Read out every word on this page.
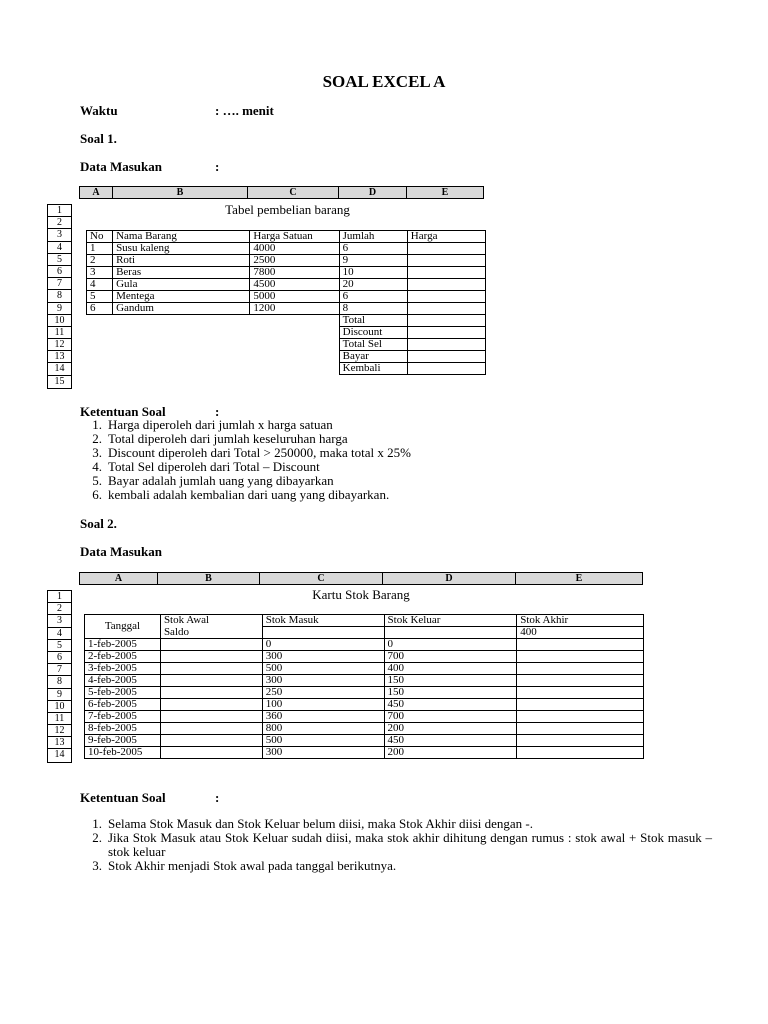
SOAL EXCEL A
Waktu	: …. menit
Soal 1.
Data Masukan	:
A	B	C	D	E
1
2
3
4
5
6
7
8
9
10
11
12
13
14
15
Tabel pembelian barang
No	Nama Barang	Harga Satuan	Jumlah	Harga
1	Susu kaleng	4000	6	
2	Roti	2500	9	
3	Beras	7800	10	
4	Gula	4500	20	
5	Mentega	5000	6	
6	Gandum	1200	8	
			Total	
			Discount	
			Total Sel	
			Bayar	
			Kembali	
Ketentuan Soal	:
1. Harga diperoleh dari jumlah x harga satuan
2. Total diperoleh dari jumlah keseluruhan harga
3. Discount diperoleh dari Total > 250000, maka total x 25%
4. Total Sel diperoleh dari Total – Discount
5. Bayar adalah jumlah uang yang dibayarkan
6. kembali adalah kembalian dari uang yang dibayarkan.
Soal 2.
Data Masukan
A	B	C	D	E
1
2
3
4
5
6
7
8
9
10
11
12
13
14
Kartu Stok Barang
Tanggal	Stok Awal	Stok Masuk	Stok Keluar	Stok Akhir
	Saldo			400
1-feb-2005		0	0	
2-feb-2005		300	700	
3-feb-2005		500	400	
4-feb-2005		300	150	
5-feb-2005		250	150	
6-feb-2005		100	450	
7-feb-2005		360	700	
8-feb-2005		800	200	
9-feb-2005		500	450	
10-feb-2005		300	200	
Ketentuan Soal	:
1. Selama Stok Masuk dan Stok Keluar belum diisi, maka Stok Akhir diisi dengan -.
2. Jika Stok Masuk atau Stok Keluar sudah diisi, maka stok akhir dihitung dengan rumus : stok awal + Stok masuk – stok keluar
3. Stok Akhir menjadi Stok awal pada tanggal berikutnya.
